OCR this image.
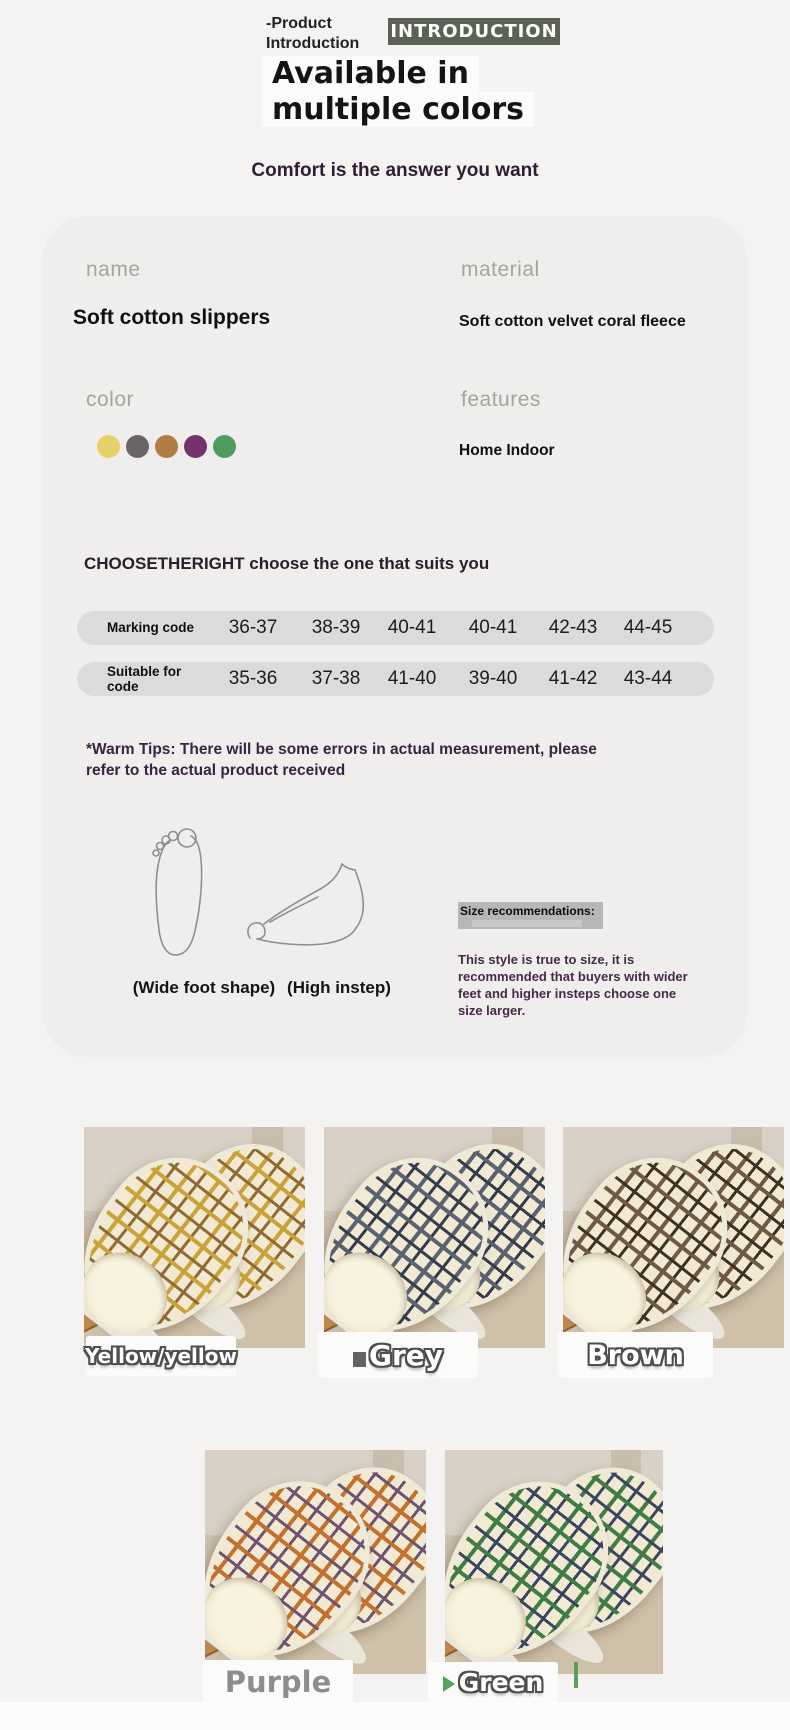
-Product
Introduction
INTRODUCTION
Available in
multiple colors
Comfort is the answer you want
name
Soft cotton slippers
material
Soft cotton velvet coral fleece
color	features
Home Indoor
CHOOSETHERIGHT choose the one that suits you
Marking code	36-37 38-39 40-41 40-41 42-43 44-45
Suitable for code	35-36 37-38 41-40 39-40 41-42 43-44

*Warm Tips: There will be some errors in actual measurement, please refer to the actual product received

(Wide foot shape) (High instep)
Size recommendations:

This style is true to size, it is recommended that buyers with wider feet and higher insteps choose one size larger.

Yellow/yellow	Grey	Brown
Purple	Green
